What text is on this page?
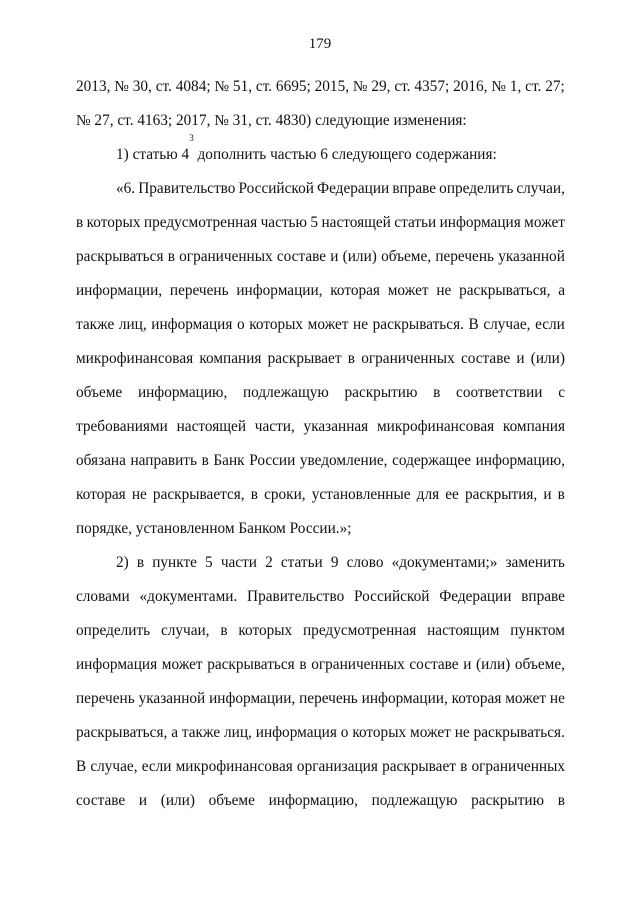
179
2013, № 30, ст. 4084; № 51, ст. 6695; 2015, № 29, ст. 4357; 2016, № 1, ст. 27;
№ 27, ст. 4163; 2017, № 31, ст. 4830) следующие изменения:
1) статью 4
3
дополнить частью 6 следующего содержания:
«6. Правительство Российской Федерации вправе определить случаи,
в которых предусмотренная частью 5 настоящей статьи информация может
раскрываться в ограниченных составе и (или) объеме, перечень указанной
информации, перечень информации, которая может не раскрываться, а
также лиц, информация о которых может не раскрываться. В случае, если
микрофинансовая компания раскрывает в ограниченных составе и (или)
объеме информацию, подлежащую раскрытию в соответствии с
требованиями настоящей части, указанная микрофинансовая компания
обязана направить в Банк России уведомление, содержащее информацию,
которая не раскрывается, в сроки, установленные для ее раскрытия, и в
порядке, установленном Банком России.»;
2) в пункте 5 части 2 статьи 9 слово «документами;» заменить
словами «документами. Правительство Российской Федерации вправе
определить случаи, в которых предусмотренная настоящим пунктом
информация может раскрываться в ограниченных составе и (или) объеме,
перечень указанной информации, перечень информации, которая может не
раскрываться, а также лиц, информация о которых может не раскрываться.
В случае, если микрофинансовая организация раскрывает в ограниченных
составе и (или) объеме информацию, подлежащую раскрытию в
